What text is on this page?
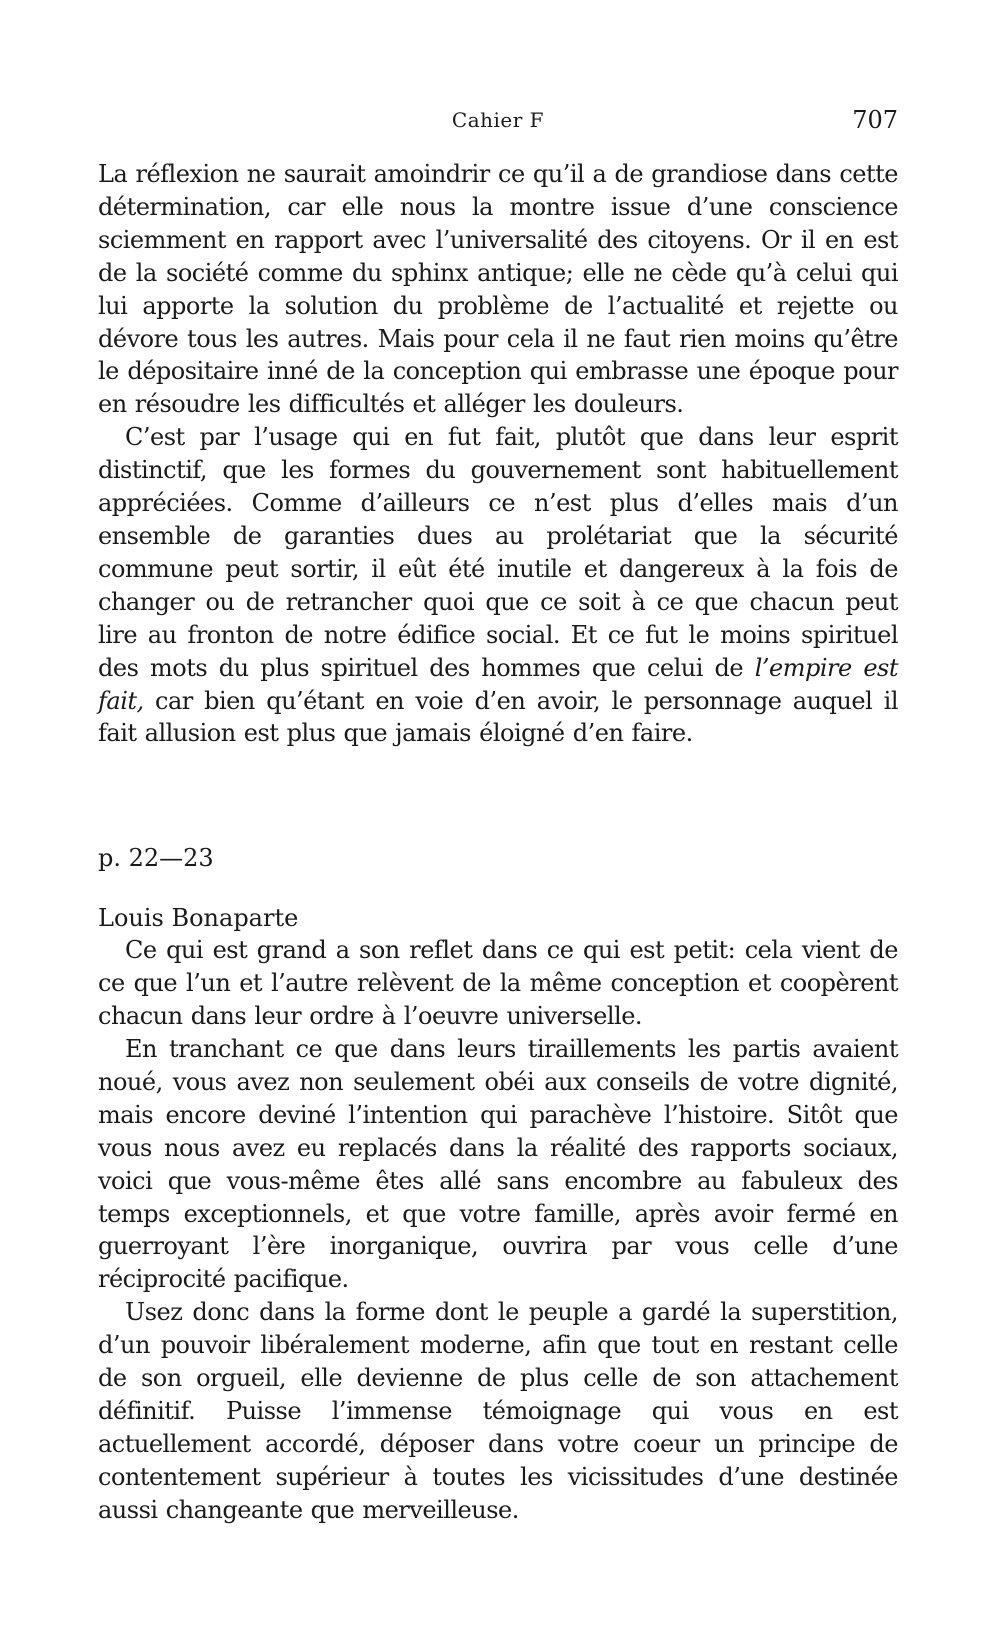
Cahier F	707

La réflexion ne saurait amoindrir ce qu’il a de grandiose dans cette détermination, car elle nous la montre issue d’une conscience sciemment en rapport avec l’universalité des citoyens. Or il en est de la société comme du sphinx antique; elle ne cède qu’à celui qui lui apporte la solution du problème de l’actualité et rejette ou dévore tous les autres. Mais pour cela il ne faut rien moins qu’être le dépositaire inné de la conception qui embrasse une époque pour en résoudre les difficultés et alléger les douleurs.

C’est par l’usage qui en fut fait, plutôt que dans leur esprit distinctif, que les formes du gouvernement sont habituellement appréciées. Comme d’ailleurs ce n’est plus d’elles mais d’un ensemble de garanties dues au prolétariat que la sécurité commune peut sortir, il eût été inutile et dangereux à la fois de changer ou de retrancher quoi que ce soit à ce que chacun peut lire au fronton de notre édifice social. Et ce fut le moins spirituel des mots du plus spirituel des hommes que celui de l’empire est fait, car bien qu’étant en voie d’en avoir, le personnage auquel il fait allusion est plus que jamais éloigné d’en faire.

p. 22—23
Louis Bonaparte

Ce qui est grand a son reflet dans ce qui est petit: cela vient de ce que l’un et l’autre relèvent de la même conception et coopèrent chacun dans leur ordre à l’oeuvre universelle.

En tranchant ce que dans leurs tiraillements les partis avaient noué, vous avez non seulement obéi aux conseils de votre dignité, mais encore deviné l’intention qui parachève l’histoire. Sitôt que vous nous avez eu replacés dans la réalité des rapports sociaux, voici que vous-même êtes allé sans encombre au fabuleux des temps exceptionnels, et que votre famille, après avoir fermé en guerroyant l’ère inorganique, ouvrira par vous celle d’une réciprocité pacifique.

Usez donc dans la forme dont le peuple a gardé la superstition, d’un pouvoir libéralement moderne, afin que tout en restant celle de son orgueil, elle devienne de plus celle de son attachement définitif. Puisse l’immense témoignage qui vous en est actuellement accordé, déposer dans votre coeur un principe de contentement supérieur à toutes les vicissitudes d’une destinée aussi changeante que merveilleuse.
